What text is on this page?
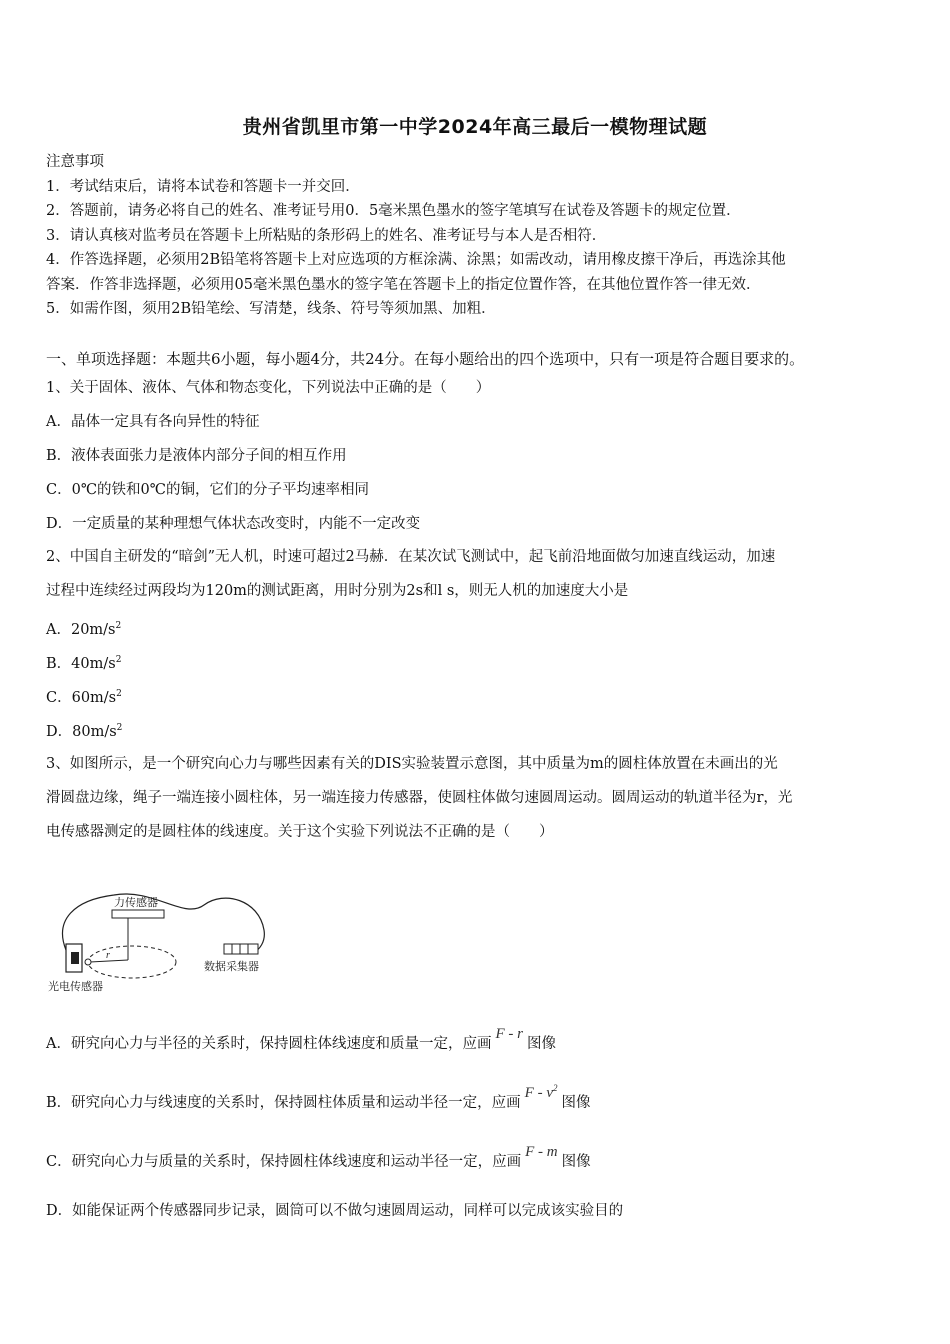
贵州省凯里市第一中学2024年高三最后一模物理试题
注意事项
1．考试结束后，请将本试卷和答题卡一并交回．
2．答题前，请务必将自己的姓名、准考证号用0．5毫米黑色墨水的签字笔填写在试卷及答题卡的规定位置．
3．请认真核对监考员在答题卡上所粘贴的条形码上的姓名、准考证号与本人是否相符．
4．作答选择题，必须用2B铅笔将答题卡上对应选项的方框涂满、涂黑；如需改动，请用橡皮擦干净后，再选涂其他
答案．作答非选择题，必须用05毫米黑色墨水的签字笔在答题卡上的指定位置作答，在其他位置作答一律无效．
5．如需作图，须用2B铅笔绘、写清楚，线条、符号等须加黑、加粗．
一、单项选择题：本题共6小题，每小题4分，共24分。在每小题给出的四个选项中，只有一项是符合题目要求的。
1、关于固体、液体、气体和物态变化，下列说法中正确的是（　　）
A．晶体一定具有各向异性的特征
B．液体表面张力是液体内部分子间的相互作用
C．0℃的铁和0℃的铜，它们的分子平均速率相同
D．一定质量的某种理想气体状态改变时，内能不一定改变
2、中国自主研发的“暗剑”无人机，时速可超过2马赫．在某次试飞测试中，起飞前沿地面做匀加速直线运动，加速
过程中连续经过两段均为120m的测试距离，用时分别为2s和l s，则无人机的加速度大小是
A．$20m/s^2$
B．$40m/s^2$
C．$60m/s^2$
D．$80m/s^2$
3、如图所示，是一个研究向心力与哪些因素有关的DIS实验装置示意图，其中质量为m的圆柱体放置在未画出的光
滑圆盘边缘，绳子一端连接小圆柱体，另一端连接力传感器，使圆柱体做匀速圆周运动。圆周运动的轨道半径为r，光
电传感器测定的是圆柱体的线速度。关于这个实验下列说法不正确的是（　　）
力传感器
r
光电传感器
数据采集器
A．研究向心力与半径的关系时，保持圆柱体线速度和质量一定，应画F - r图像
B．研究向心力与线速度的关系时，保持圆柱体质量和运动半径一定，应画F - $v^2$图像
C．研究向心力与质量的关系时，保持圆柱体线速度和运动半径一定，应画F - m图像
D．如能保证两个传感器同步记录，圆筒可以不做匀速圆周运动，同样可以完成该实验目的
